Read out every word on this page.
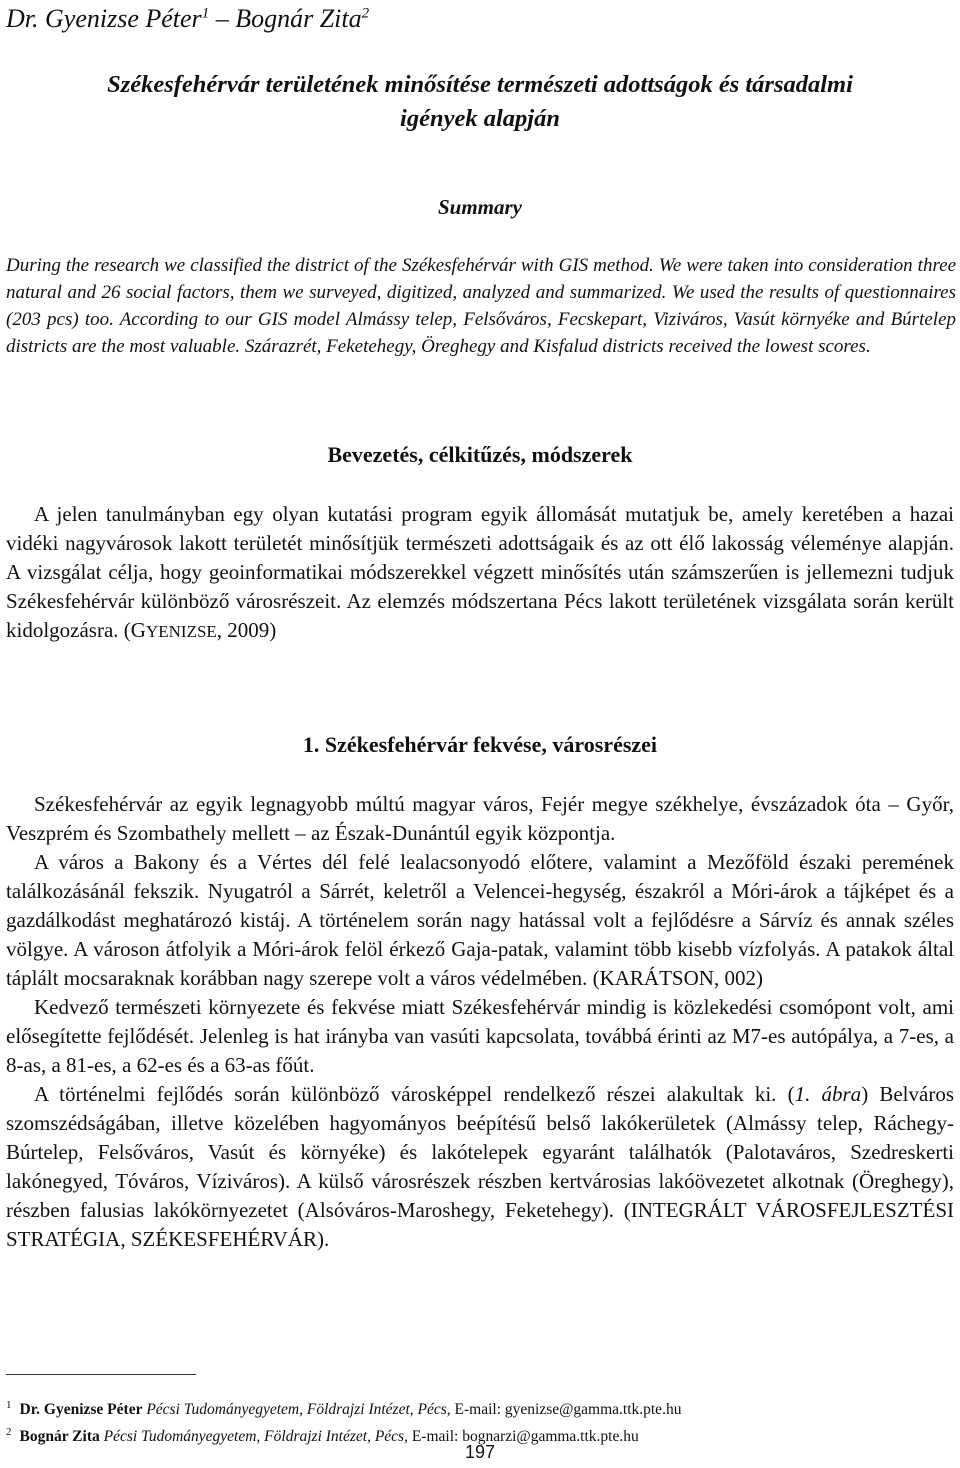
Dr. Gyenizse Péter$^1$ – Bognár Zita$^2$
Székesfehérvár területének minősítése természeti adottságok és társadalmi
igények alapján
Summary
During the research we classified the district of the Székesfehérvár with GIS method. We were taken into consideration three natural and 26 social factors, them we surveyed, digitized, analyzed and summarized. We used the results of questionnaires (203 pcs) too. According to our GIS model Almássy telep, Felsőváros, Fecskepart, Viziváros, Vasút környéke and Búrtelep districts are the most valuable. Szárazrét, Feketehegy, Öreghegy and Kisfalud districts received the lowest scores.
Bevezetés, célkitűzés, módszerek

A jelen tanulmányban egy olyan kutatási program egyik állomását mutatjuk be, amely keretében a hazai vidéki nagyvárosok lakott területét minősítjük természeti adottságaik és az ott élő lakosság véleménye alapján. A vizsgálat célja, hogy geoinformatikai módszerekkel végzett minősítés után számszerűen is jellemezni tudjuk Székesfehérvár különböző városrészeit. Az elemzés módszertana Pécs lakott területének vizsgálata során került kidolgozásra. (GYENIZSE, 2009)

1. Székesfehérvár fekvése, városrészei

Székesfehérvár az egyik legnagyobb múltú magyar város, Fejér megye székhelye, évszázadok óta – Győr, Veszprém és Szombathely mellett – az Észak-Dunántúl egyik központja.

A város a Bakony és a Vértes dél felé lealacsonyodó előtere, valamint a Mezőföld északi peremének találkozásánál fekszik. Nyugatról a Sárrét, keletről a Velencei-hegység, északról a Móri-árok a tájképet és a gazdálkodást meghatározó kistáj. A történelem során nagy hatással volt a fejlődésre a Sárvíz és annak széles völgye. A városon átfolyik a Móri-árok felöl érkező Gaja-patak, valamint több kisebb vízfolyás. A patakok által táplált mocsaraknak korábban nagy szerepe volt a város védelmében. (KARÁTSON, 002)

Kedvező természeti környezete és fekvése miatt Székesfehérvár mindig is közlekedési csomópont volt, ami elősegítette fejlődését. Jelenleg is hat irányba van vasúti kapcsolata, továbbá érinti az M7-es autópálya, a 7-es, a 8-as, a 81-es, a 62-es és a 63-as főút.

A történelmi fejlődés során különböző városképpel rendelkező részei alakultak ki. (1. ábra) Belváros szomszédságában, illetve közelében hagyományos beépítésű belső lakókerületek (Almássy telep, Ráchegy-Búrtelep, Felsőváros, Vasút és környéke) és lakótelepek egyaránt találhatók (Palotaváros, Szedreskerti lakónegyed, Tóváros, Víziváros). A külső városrészek részben kertvárosias lakóövezetet alkotnak (Öreghegy), részben falusias lakókörnyezetet (Alsóváros-Maroshegy, Feketehegy). (INTEGRÁLT VÁROSFEJLESZTÉSI STRATÉGIA, SZÉKESFEHÉRVÁR).

$^1$ Dr. Gyenizse Péter Pécsi Tudományegyetem, Földrajzi Intézet, Pécs, E-mail: gyenizse@gamma.ttk.pte.hu
$^2$ Bognár Zita Pécsi Tudományegyetem, Földrajzi Intézet, Pécs, E-mail: bognarzi@gamma.ttk.pte.hu
197
